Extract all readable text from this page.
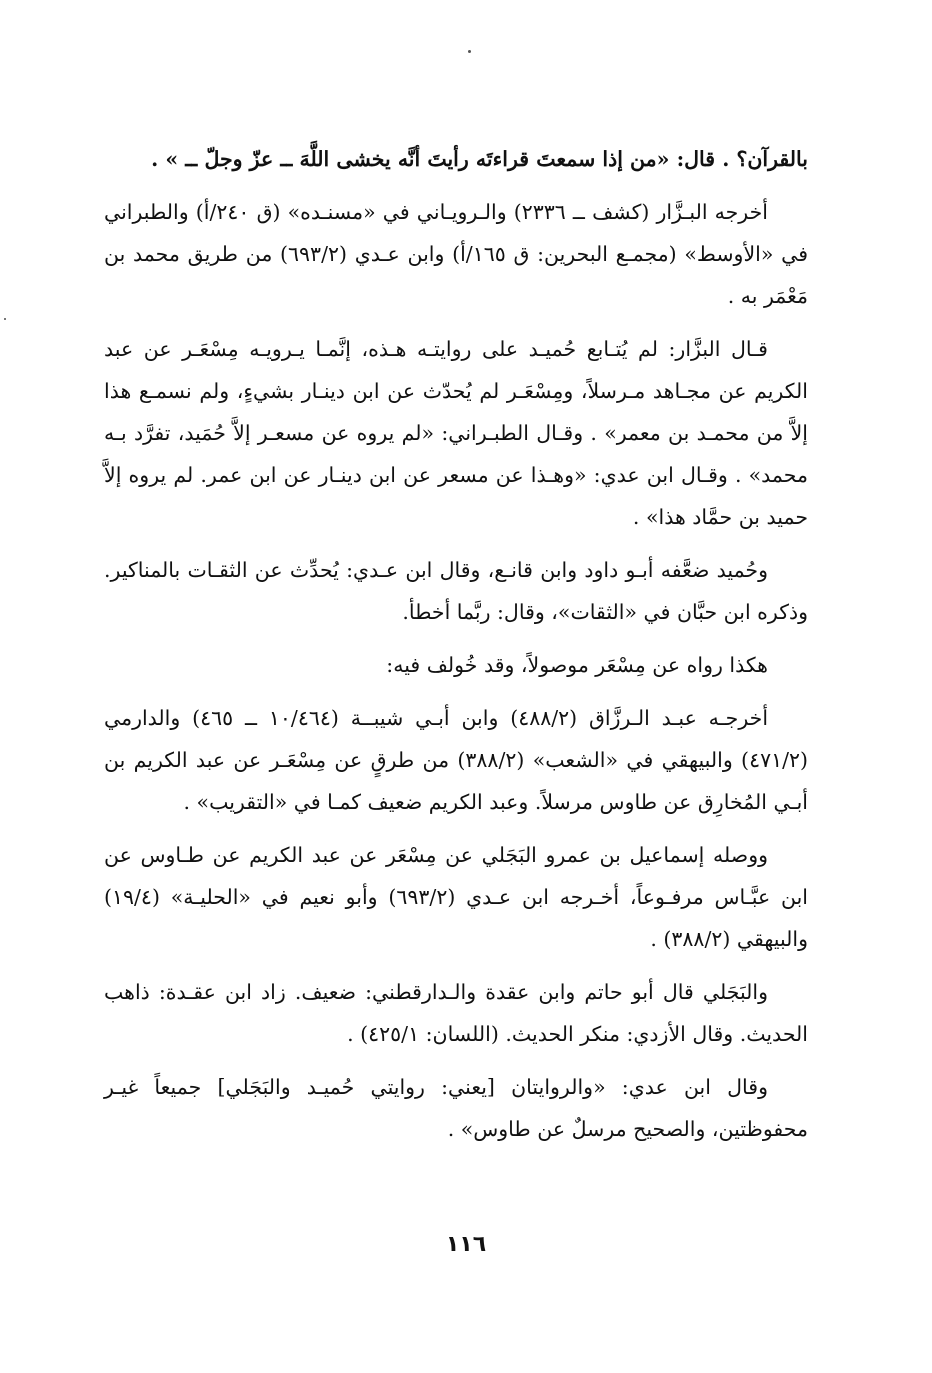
بالقرآن؟ . قال: «من إذا سمعتَ قراءتَه رأيتَ أنَّه يخشى اللَّهَ ــ عزّ وجلّ ــ » .

أخرجه البـزَّار (كشف ــ ٢٣٣٦) والـرويـاني في «مسنـده» (ق ٢٤٠/أ) والطبراني في «الأوسط» (مجمـع البحرين: ق ١٦٥/أ) وابن عـدي (٦٩٣/٢) من طريق محمد بن مَعْمَر به .

قـال البزَّار: لم يُتـابع حُميـد على روايتـه هـذه، إنَّمـا يـرويـه مِسْعَـر عن عبد الكريم عن مجـاهد مـرسلاً، ومِسْعَـر لم يُحدّث عن ابن دينـار بشيءٍ، ولم نسمـع هذا إلاَّ من محمـد بن معمر» . وقـال الطبـراني: «لم يروه عن مسعـر إلاَّ حُمَيد، تفرَّد بـه محمد» . وقـال ابن عدي: «وهـذا عن مسعر عن ابن دينـار عن ابن عمر. لم يروه إلاَّ حميد بن حمَّاد هذا» .

وحُميد ضعَّفه أبـو داود وابن قانـع، وقال ابن عـدي: يُحدِّث عن الثقـات بالمناكير. وذكره ابن حبَّان في «الثقات»، وقال: ربَّما أخطأ.

هكذا رواه عن مِسْعَر موصولاً، وقد خُولف فيه:

أخرجـه عبـد الـرزَّاق (٤٨٨/٢) وابن أبـي شيبــة (١٠/٤٦٤ ــ ٤٦٥) والدارمي (٤٧١/٢) والبيهقي في «الشعب» (٣٨٨/٢) من طرقٍ عن مِسْعَـر عن عبد الكريم بن أبـي المُخارِق عن طاوس مرسلاً. وعبد الكريم ضعيف كمـا في «التقريب» .

ووصله إسماعيل بن عمرو البَجَلي عن مِسْعَر عن عبد الكريم عن طـاوس عن ابن عبَّـاس مرفـوعاً، أخـرجه ابن عـدي (٦٩٣/٢) وأبو نعيم في «الحليـة» (١٩/٤) والبيهقي (٣٨٨/٢) .

والبَجَلي قال أبو حاتم وابن عقدة والـدارقطني: ضعيف. زاد ابن عقـدة: ذاهب الحديث. وقال الأزدي: منكر الحديث. (اللسان: ٤٢٥/١) .

وقال ابن عدي: «والروايتان [يعني: روايتي حُميـد والبَجَلي] جميعاً غيـر محفوظتين، والصحيح مرسلٌ عن طاوس» .

١١٦
